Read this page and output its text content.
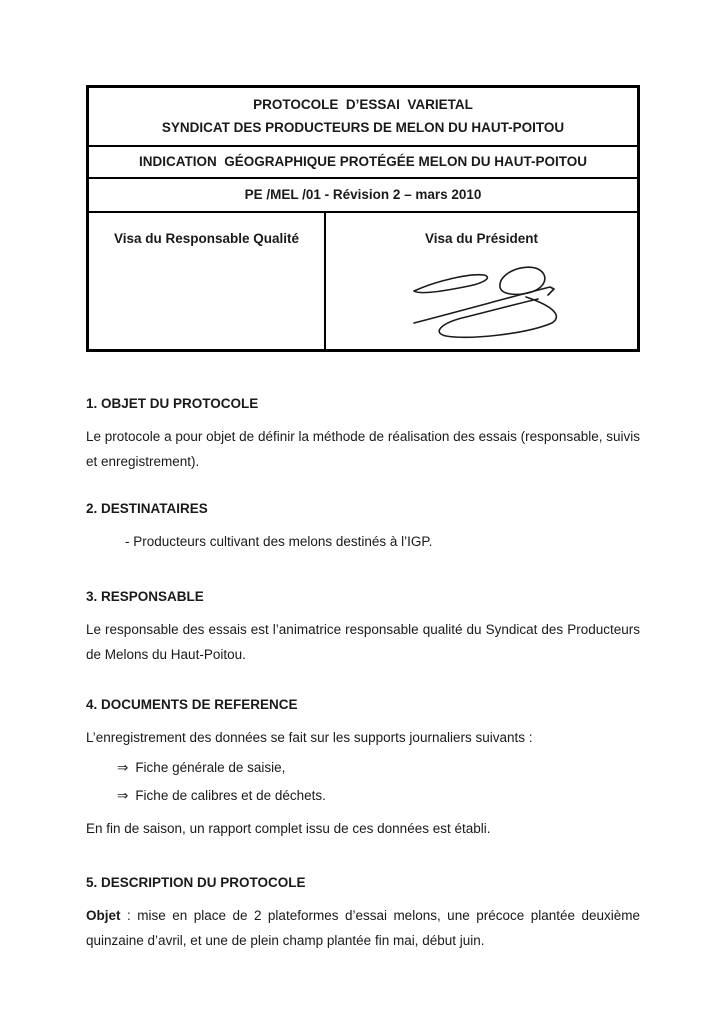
PROTOCOLE  D’ESSAI  VARIETAL
SYNDICAT DES PRODUCTEURS DE MELON DU HAUT-POITOU
INDICATION  GÉOGRAPHIQUE PROTÉGÉE MELON DU HAUT-POITOU
PE /MEL /01 - Révision 2 – mars 2010
Visa du Responsable Qualité	Visa du Président
1. OBJET DU PROTOCOLE
Le protocole a pour objet de définir la méthode de réalisation des essais (responsable, suivis et enregistrement).
2. DESTINATAIRES
- Producteurs cultivant des melons destinés à l’IGP.
3. RESPONSABLE
Le responsable des essais est l’animatrice responsable qualité du Syndicat des Producteurs de Melons du Haut-Poitou.
4. DOCUMENTS DE REFERENCE
L’enregistrement des données se fait sur les supports journaliers suivants :
⇒ Fiche générale de saisie,
⇒ Fiche de calibres et de déchets.
En fin de saison, un rapport complet issu de ces données est établi.
5. DESCRIPTION DU PROTOCOLE
Objet : mise en place de 2 plateformes d’essai melons, une précoce plantée deuxième quinzaine d’avril, et une de plein champ plantée fin mai, début juin.
